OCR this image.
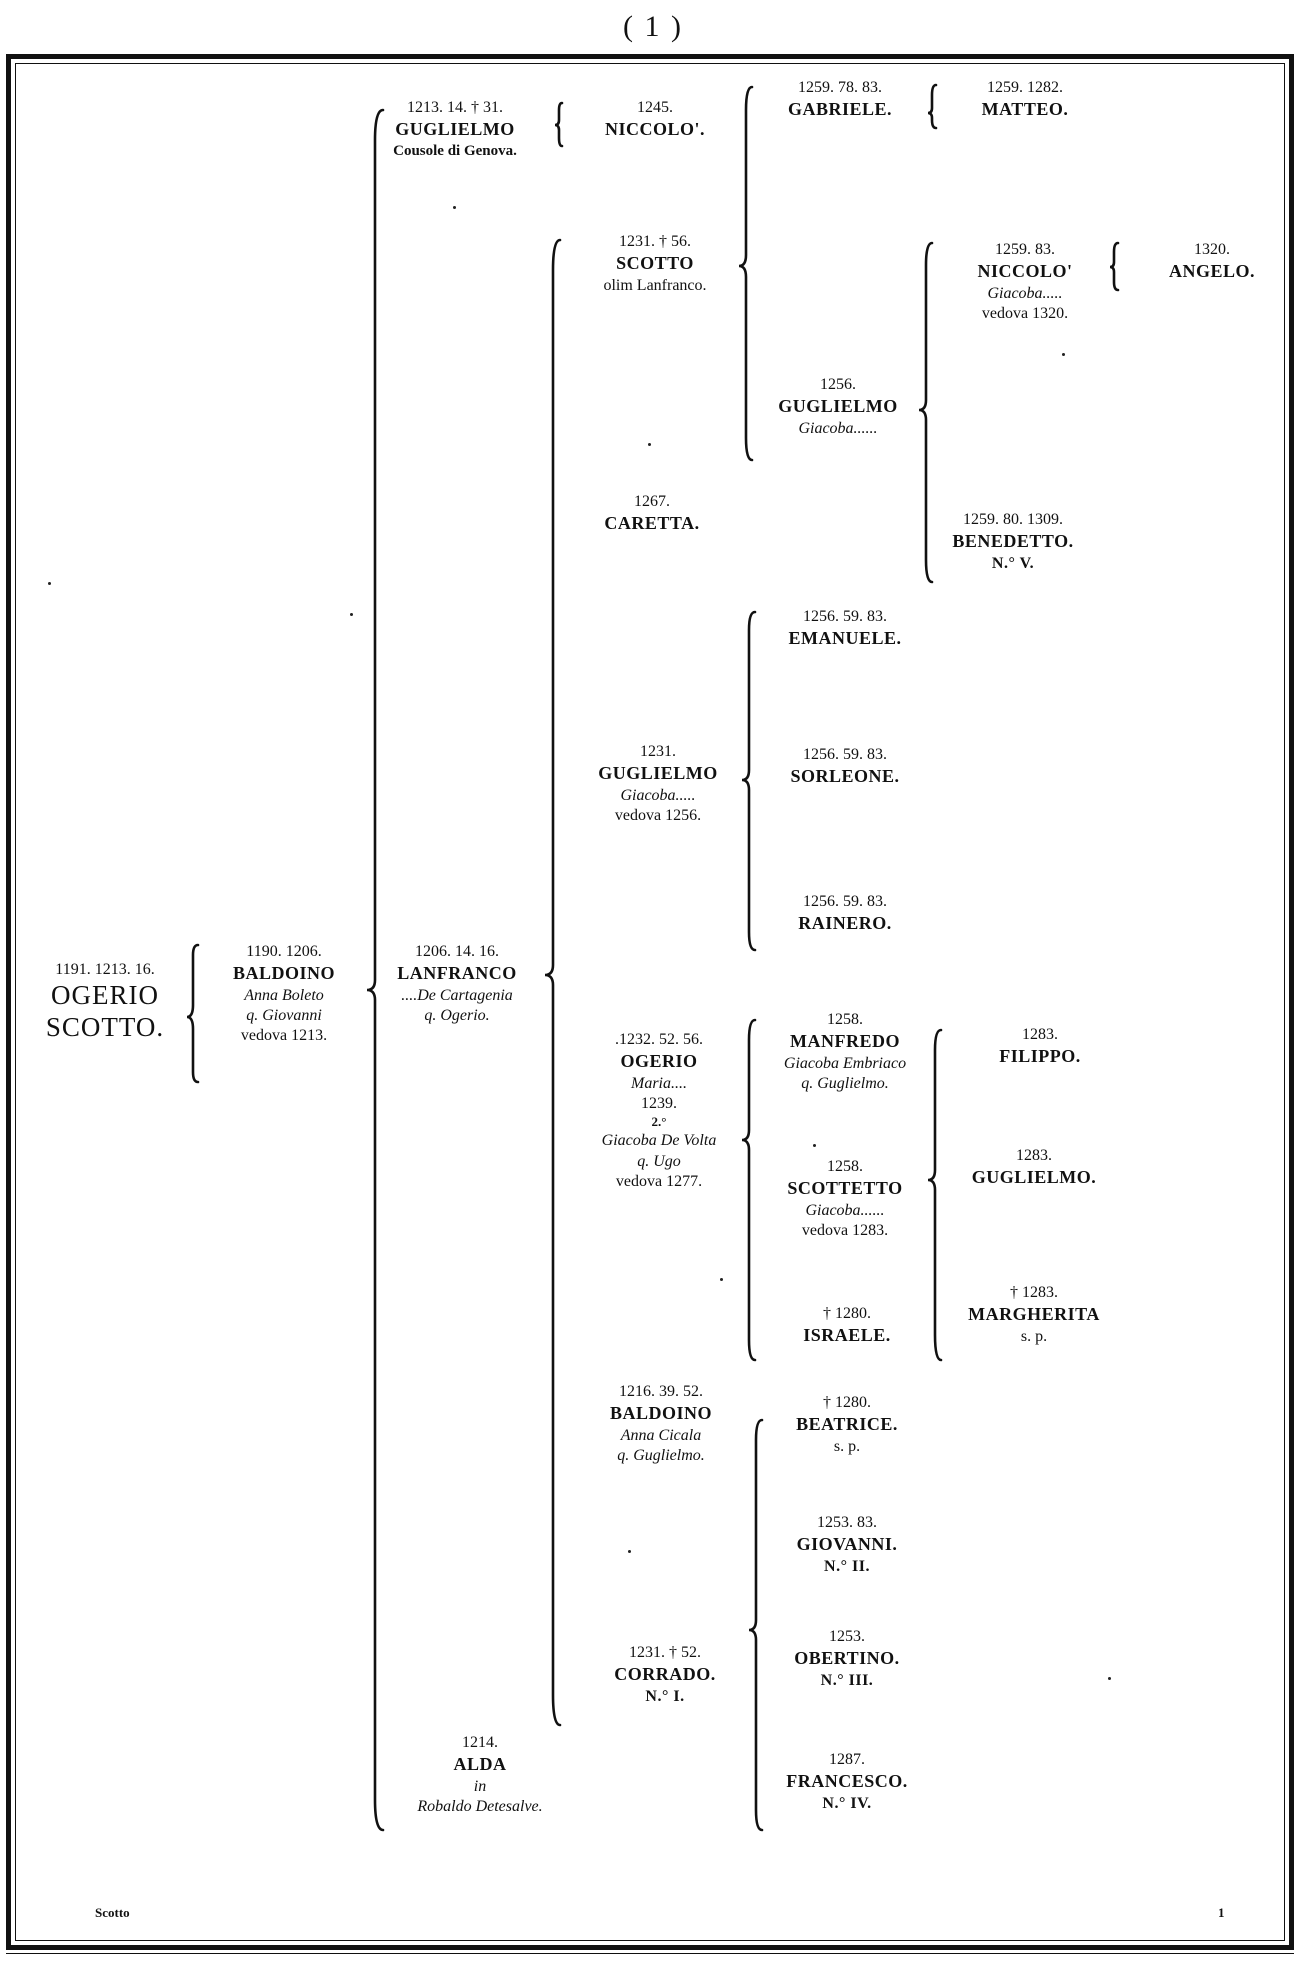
( 1 )
1191. 1213. 16.
OGERIO
SCOTTO.
1190. 1206.
BALDOINO
Anna Boleto
q. Giovanni
vedova 1213.
1213. 14. † 31.
GUGLIELMO
Cousole di Genova.
1206. 14. 16.
LANFRANCO
....De Cartagenia
q. Ogerio.
1214.
ALDA
in
Robaldo Detesalve.
1245.
NICCOLO'.
1231. † 56.
SCOTTO
olim Lanfranco.
1267.
CARETTA.
1231.
GUGLIELMO
Giacoba.....
vedova 1256.
.1232. 52. 56.
OGERIO
Maria....
1239.
2.°
Giacoba De Volta
q. Ugo
vedova 1277.
1216. 39. 52.
BALDOINO
Anna Cicala
q. Guglielmo.
1231. † 52.
CORRADO.
N.° I.
1259. 78. 83.
GABRIELE.
1256.
GUGLIELMO
Giacoba......
1256. 59. 83.
EMANUELE.
1256. 59. 83.
SORLEONE.
1256. 59. 83.
RAINERO.
1258.
MANFREDO
Giacoba Embriaco
q. Guglielmo.
1258.
SCOTTETTO
Giacoba......
vedova 1283.
† 1280.
ISRAELE.
† 1280.
BEATRICE.
s. p.
1253. 83.
GIOVANNI.
N.° II.
1253.
OBERTINO.
N.° III.
1287.
FRANCESCO.
N.° IV.
1259. 1282.
MATTEO.
1259. 83.
NICCOLO'
Giacoba.....
vedova 1320.
1259. 80. 1309.
BENEDETTO.
N.° V.
1283.
FILIPPO.
1283.
GUGLIELMO.
† 1283.
MARGHERITA
s. p.
1320.
ANGELO.
Scotto	1
